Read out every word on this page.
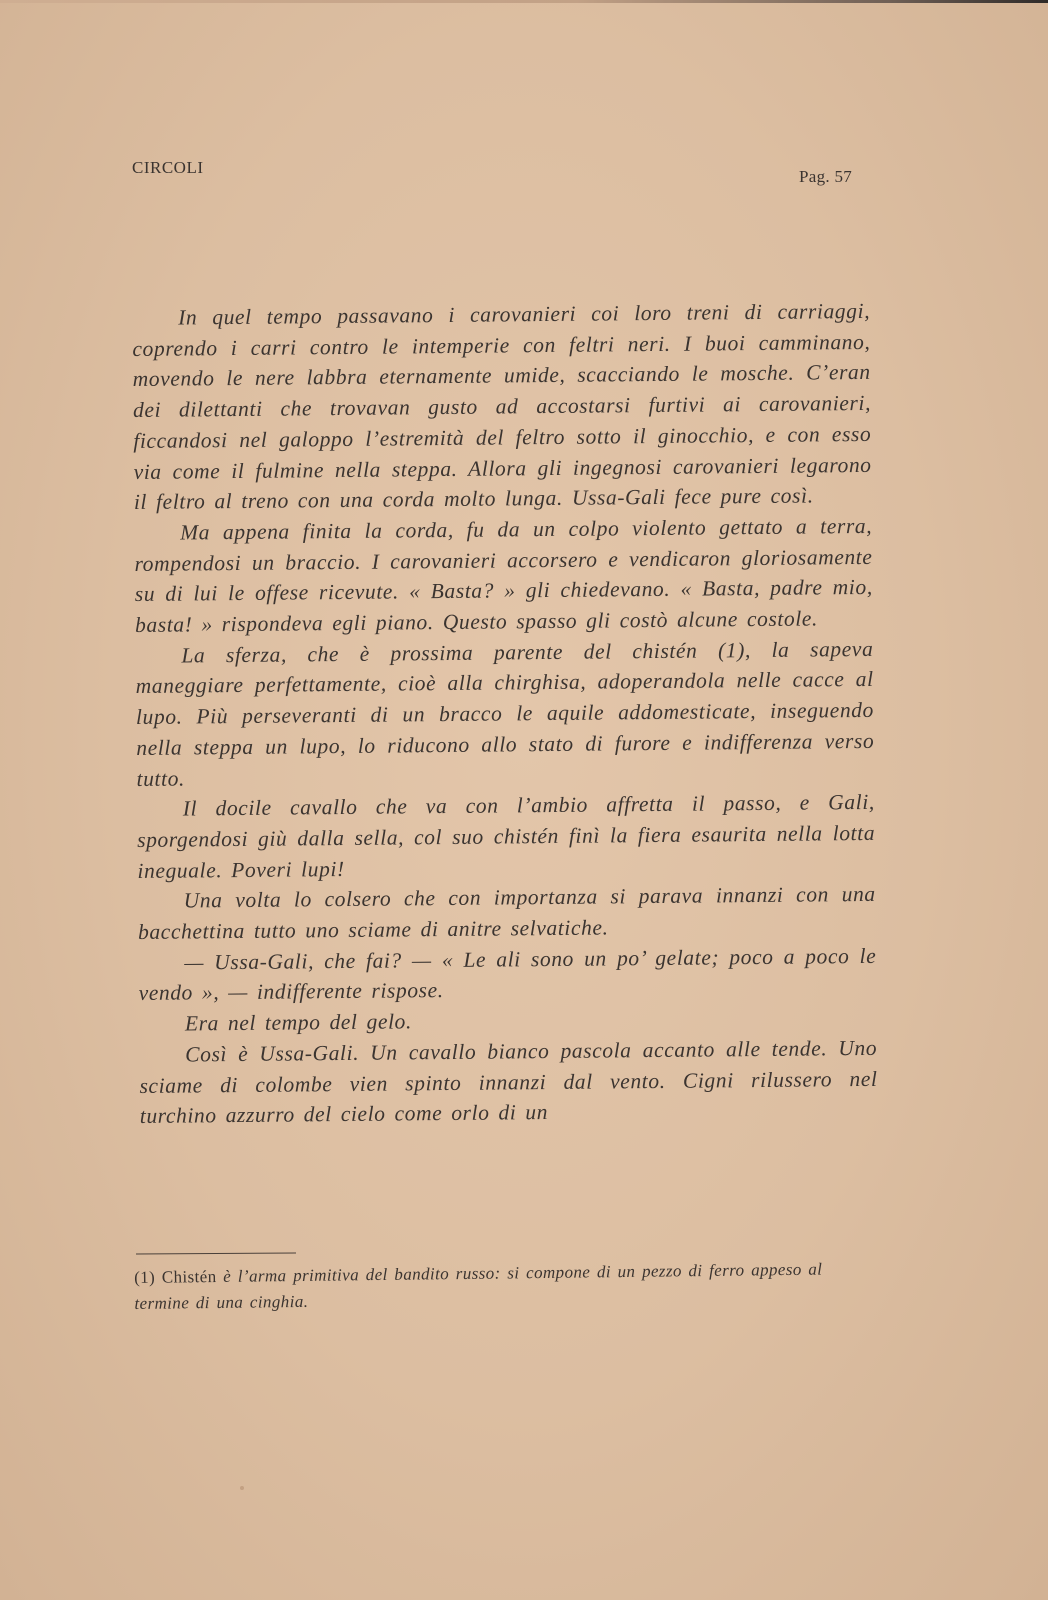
CIRCOLI	Pag. 57

In quel tempo passavano i carovanieri coi loro treni di carriaggi, coprendo i carri contro le intemperie con feltri neri. I buoi camminano, movendo le nere labbra eternamente umide, scacciando le mosche. C’eran dei dilettanti che trovavan gusto ad accostarsi furtivi ai carovanieri, ficcandosi nel galoppo l’estremità del feltro sotto il ginocchio, e con esso via come il fulmine nella steppa. Allora gli ingegnosi carovanieri legarono il feltro al treno con una corda molto lunga. Ussa-Gali fece pure così.

Ma appena finita la corda, fu da un colpo violento gettato a terra, rompendosi un braccio. I carovanieri accorsero e vendicaron gloriosamente su di lui le offese ricevute. « Basta? » gli chiedevano. « Basta, padre mio, basta! » rispondeva egli piano. Questo spasso gli costò alcune costole.

La sferza, che è prossima parente del chistén (1), la sapeva maneggiare perfettamente, cioè alla chirghisa, adoperandola nelle cacce al lupo. Più perseveranti di un bracco le aquile addomesticate, inseguendo nella steppa un lupo, lo riducono allo stato di furore e indifferenza verso tutto.

Il docile cavallo che va con l’ambio affretta il passo, e Gali, sporgendosi giù dalla sella, col suo chistén finì la fiera esaurita nella lotta ineguale. Poveri lupi!

Una volta lo colsero che con importanza si parava innanzi con una bacchettina tutto uno sciame di anitre selvatiche.

— Ussa-Gali, che fai? — « Le ali sono un po’ gelate; poco a poco le vendo », — indifferente rispose.

Era nel tempo del gelo.

Così è Ussa-Gali. Un cavallo bianco pascola accanto alle tende. Uno sciame di colombe vien spinto innanzi dal vento. Cigni rilussero nel turchino azzurro del cielo come orlo di un

(1) Chistén è l’arma primitiva del bandito russo: si compone di un pezzo di ferro appeso al termine di una cinghia.
